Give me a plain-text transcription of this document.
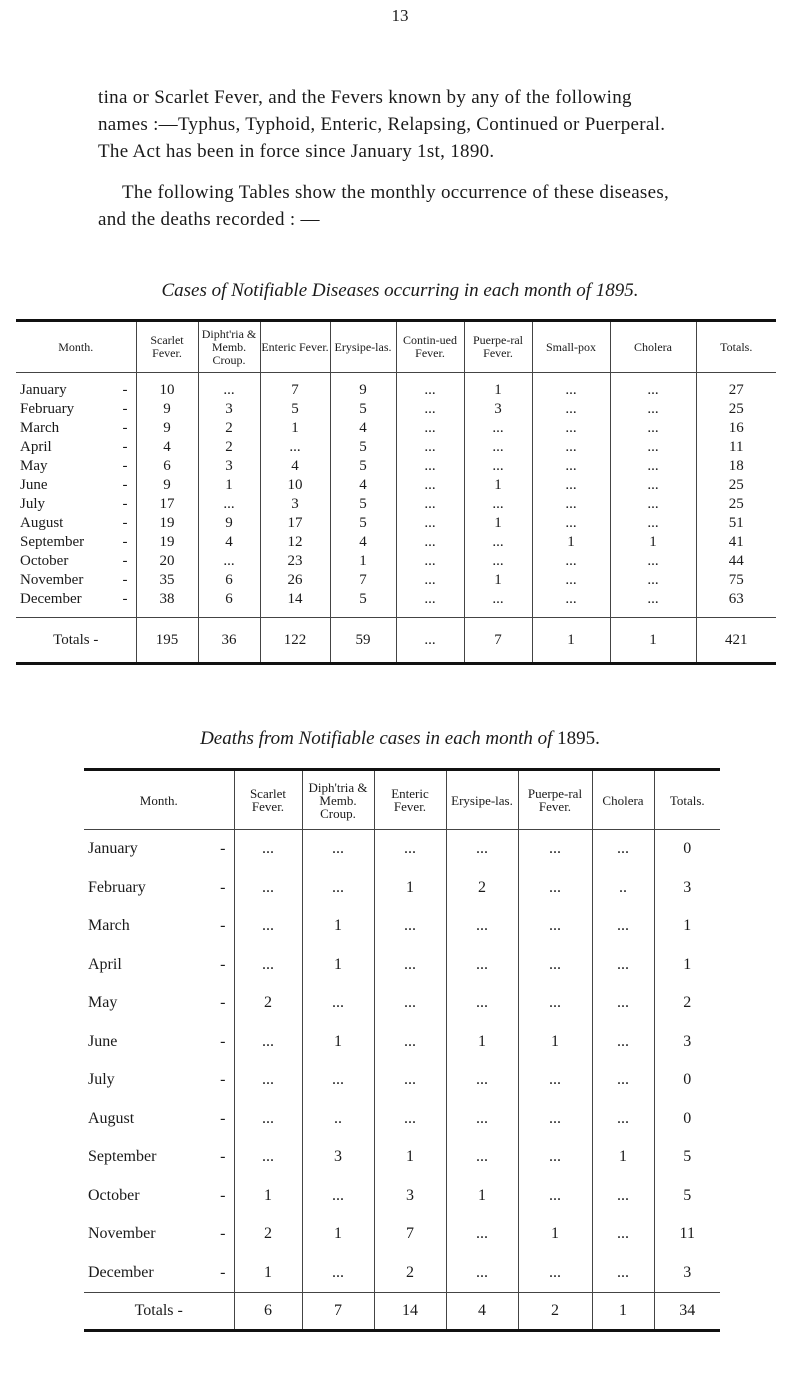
13

tina or Scarlet Fever, and the Fevers known by any of the following

names :—Typhus, Typhoid, Enteric, Relapsing, Continued or Puerperal.

The Act has been in force since January 1st, 1890.

The following Tables show the monthly occurrence of these diseases,

and the deaths recorded : —

Cases of Notifiable Diseases occurring in each month of 1895.
Month.	Scarlet Fever.	Dipht'ria & Memb. Croup.	Enteric Fever.	Erysipe-las.	Contin-ued Fever.	Puerpe-ral Fever.	Small-pox	Cholera	Totals.
January -	10	...	7	9	...	1	...	...	27
February -	9	3	5	5	...	3	...	...	25
March -	9	2	1	4	...	...	...	...	16
April -	4	2	...	5	...	...	...	...	11
May -	6	3	4	5	...	...	...	...	18
June -	9	1	10	4	...	1	...	...	25
July -	17	...	3	5	...	...	...	...	25
August -	19	9	17	5	...	1	...	...	51
September -	19	4	12	4	...	...	1	1	41
October -	20	...	23	1	...	...	...	...	44
November -	35	6	26	7	...	1	...	...	75
December -	38	6	14	5	...	...	...	...	63
Totals -	195	36	122	59	...	7	1	1	421
Deaths from Notifiable cases in each month of 1895.
Month.	Scarlet Fever.	Diph'tria & Memb. Croup.	Enteric Fever.	Erysipe-las.	Puerpe-ral Fever.	Cholera	Totals.
January -	...	...	...	...	...	...	0
February -	...	...	1	2	...	..	3
March -	...	1	...	...	...	...	1
April -	...	1	...	...	...	...	1
May -	2	...	...	...	...	...	2
June -	...	1	...	1	1	...	3
July -	...	...	...	...	...	...	0
August -	...	..	...	...	...	...	0
September -	...	3	1	...	...	1	5
October -	1	...	3	1	...	...	5
November -	2	1	7	...	1	...	11
December -	1	...	2	...	...	...	3
Totals -	6	7	14	4	2	1	34
